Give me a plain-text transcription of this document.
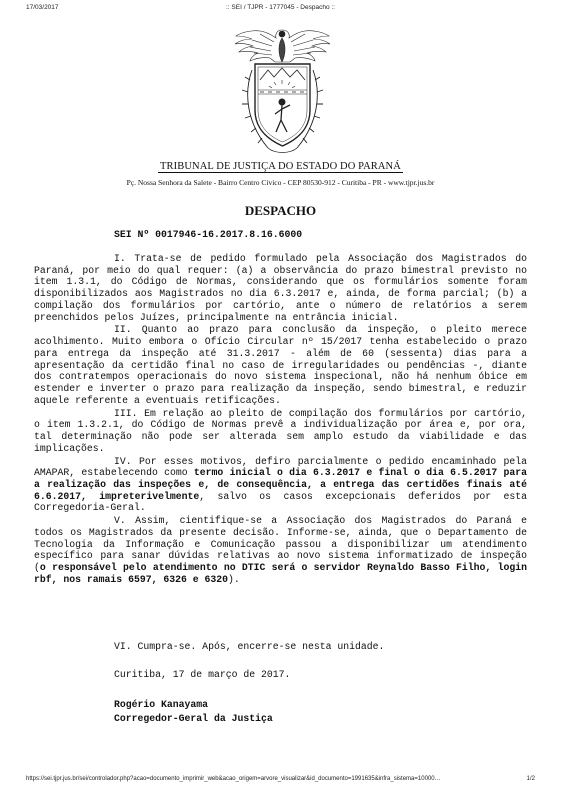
17/03/2017	:: SEI / TJPR - 1777045 - Despacho ::
TRIBUNAL DE JUSTIÇA DO ESTADO DO PARANÁ
Pç. Nossa Senhora da Salete - Bairro Centro Cívico - CEP 80530-912 - Curitiba - PR - www.tjpr.jus.br
DESPACHO
SEI Nº 0017946-16.2017.8.16.6000

I. Trata-se de pedido formulado pela Associação dos Magistrados do Paraná, por meio do qual requer: (a) a observância do prazo bimestral previsto no item 1.3.1, do Código de Normas, considerando que os formulários somente foram disponibilizados aos Magistrados no dia 6.3.2017 e, ainda, de forma parcial; (b) a compilação dos formulários por cartório, ante o número de relatórios a serem preenchidos pelos Juízes, principalmente na entrância inicial.

II. Quanto ao prazo para conclusão da inspeção, o pleito merece acolhimento. Muito embora o Ofício Circular nº 15/2017 tenha estabelecido o prazo para entrega da inspeção até 31.3.2017 - além de 60 (sessenta) dias para a apresentação da certidão final no caso de irregularidades ou pendências -, diante dos contratempos operacionais do novo sistema inspecional, não há nenhum óbice em estender e inverter o prazo para realização da inspeção, sendo bimestral, e reduzir aquele referente a eventuais retificações.

III. Em relação ao pleito de compilação dos formulários por cartório, o item 1.3.2.1, do Código de Normas prevê a individualização por área e, por ora, tal determinação não pode ser alterada sem amplo estudo da viabilidade e das implicações.

IV. Por esses motivos, defiro parcialmente o pedido encaminhado pela AMAPAR, estabelecendo como termo inicial o dia 6.3.2017 e final o dia 6.5.2017 para a realização das inspeções e, de consequência, a entrega das certidões finais até 6.6.2017, impreterivelmente, salvo os casos excepcionais deferidos por esta Corregedoria-Geral.

V. Assim, cientifique-se a Associação dos Magistrados do Paraná e todos os Magistrados da presente decisão. Informe-se, ainda, que o Departamento de Tecnologia da Informação e Comunicação passou a disponibilizar um atendimento específico para sanar dúvidas relativas ao novo sistema informatizado de inspeção (o responsável pelo atendimento no DTIC será o servidor Reynaldo Basso Filho, login rbf, nos ramais 6597, 6326 e 6320).

VI. Cumpra-se. Após, encerre-se nesta unidade.
Curitiba, 17 de março de 2017.
Rogério Kanayama
Corregedor-Geral da Justiça
https://sei.tjpr.jus.br/sei/controlador.php?acao=documento_imprimir_web&acao_origem=arvore_visualizar&id_documento=1991635&infra_sistema=10000…	1/2
